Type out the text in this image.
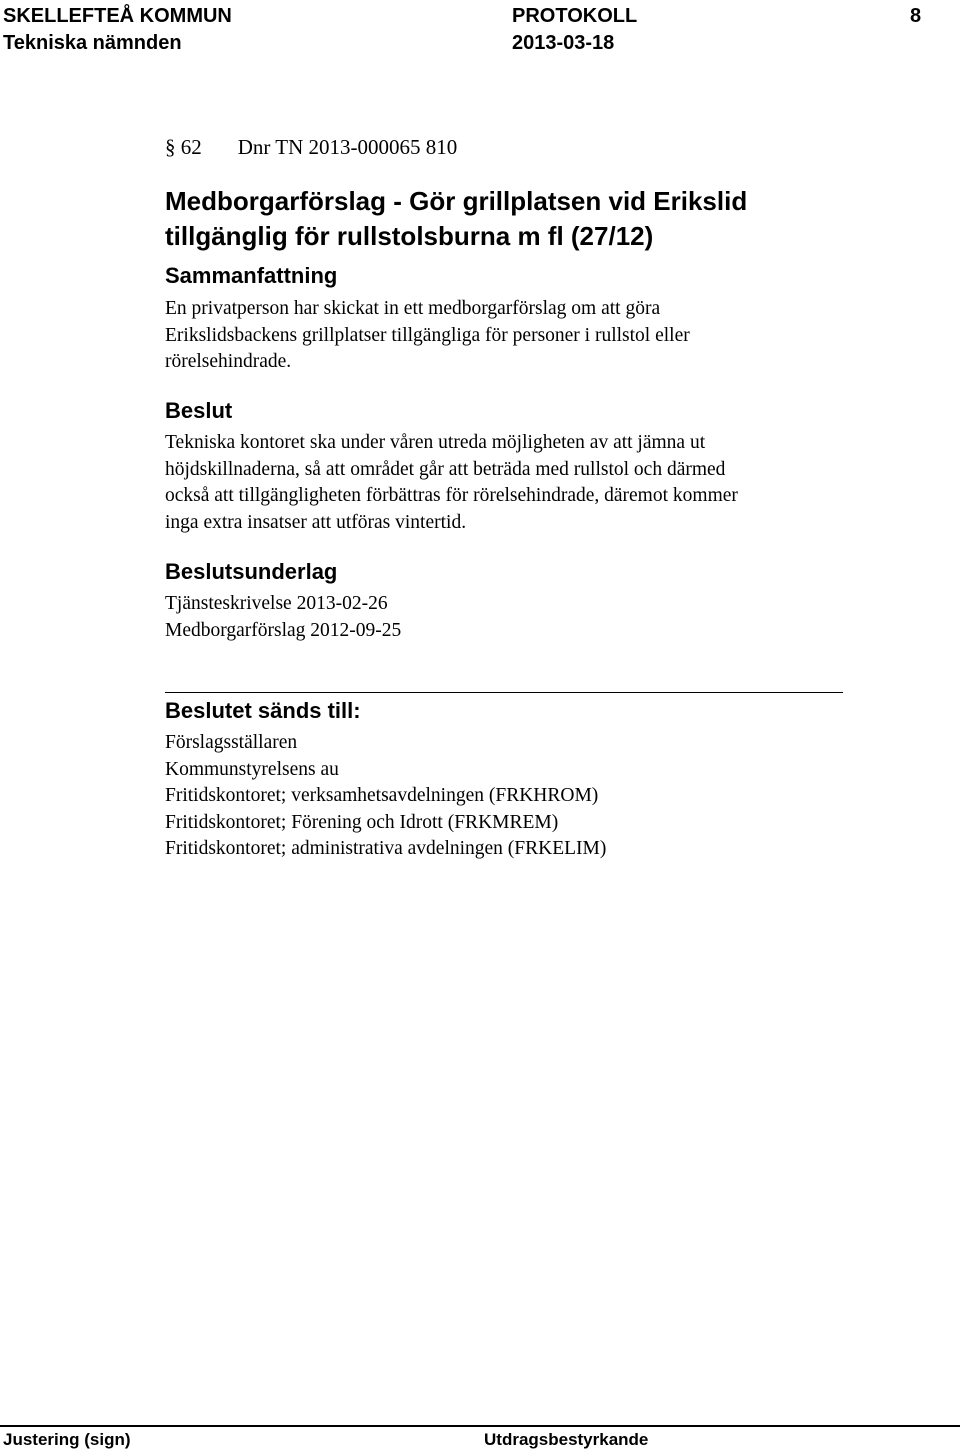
SKELLEFTEÅ KOMMUN
Tekniska nämnden
PROTOKOLL
2013-03-18
8
§ 62 Dnr TN 2013-000065 810
Medborgarförslag - Gör grillplatsen vid Erikslid
tillgänglig för rullstolsburna m fl (27/12)
Sammanfattning
En privatperson har skickat in ett medborgarförslag om att göra
Erikslidsbackens grillplatser tillgängliga för personer i rullstol eller
rörelsehindrade.
Beslut
Tekniska kontoret ska under våren utreda möjligheten av att jämna ut
höjdskillnaderna, så att området går att beträda med rullstol och därmed
också att tillgängligheten förbättras för rörelsehindrade, däremot kommer
inga extra insatser att utföras vintertid.
Beslutsunderlag
Tjänsteskrivelse 2013-02-26
Medborgarförslag 2012-09-25
Beslutet sänds till:
Förslagsställaren
Kommunstyrelsens au
Fritidskontoret; verksamhetsavdelningen (FRKHROM)
Fritidskontoret; Förening och Idrott (FRKMREM)
Fritidskontoret; administrativa avdelningen (FRKELIM)
Justering (sign)	Utdragsbestyrkande
